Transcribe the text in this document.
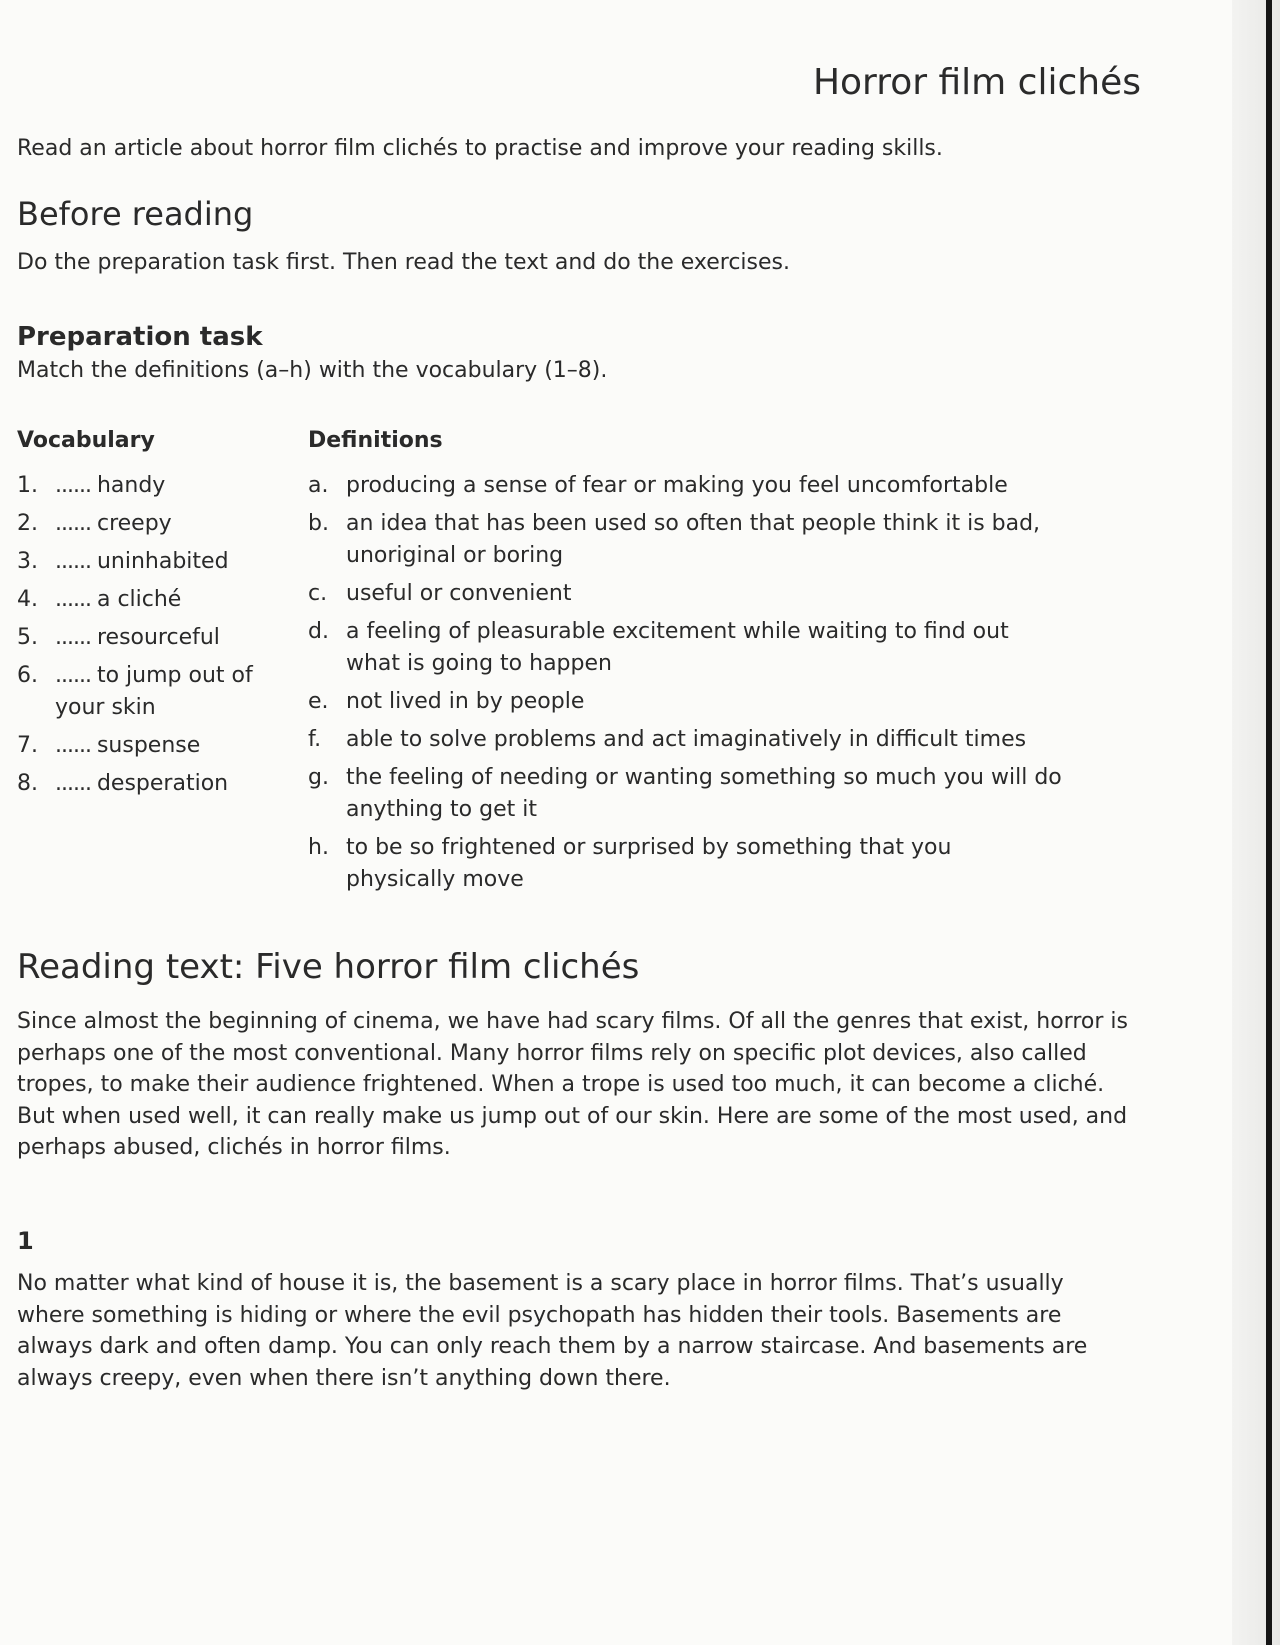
Horror film clichés

Read an article about horror film clichés to practise and improve your reading skills.

Before reading

Do the preparation task first. Then read the text and do the exercises.

Preparation task

Match the definitions (a–h) with the vocabulary (1–8).

Vocabulary	Definitions

1. ...... handy
2. ...... creepy
3. ...... uninhabited
4. ...... a cliché
5. ...... resourceful
6. ...... to jump out of your skin
7. ...... suspense
8. ...... desperation
a. producing a sense of fear or making you feel uncomfortable
b. an idea that has been used so often that people think it is bad, unoriginal or boring
c. useful or convenient
d. a feeling of pleasurable excitement while waiting to find out what is going to happen
e. not lived in by people
f.	able to solve problems and act imaginatively in difficult times
g. the feeling of needing or wanting something so much you will do anything to get it
h. to be so frightened or surprised by something that you physically move
Reading text: Five horror film clichés

Since almost the beginning of cinema, we have had scary films. Of all the genres that exist, horror is perhaps one of the most conventional. Many horror films rely on specific plot devices, also called tropes, to make their audience frightened. When a trope is used too much, it can become a cliché. But when used well, it can really make us jump out of our skin. Here are some of the most used, and perhaps abused, clichés in horror films.

1

No matter what kind of house it is, the basement is a scary place in horror films. That’s usually where something is hiding or where the evil psychopath has hidden their tools. Basements are always dark and often damp. You can only reach them by a narrow staircase. And basements are always creepy, even when there isn’t anything down there.
